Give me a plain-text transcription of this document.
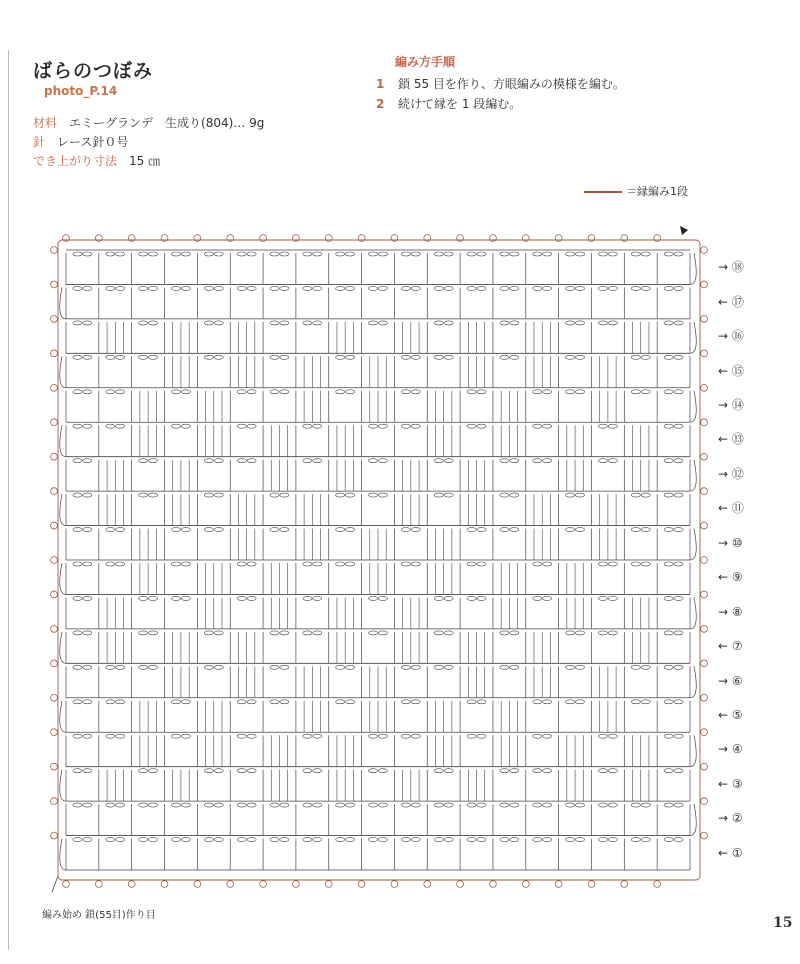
ばらのつぼみ
photo_P.14
材料 エミーグランデ　生成り(804)… 9g
針 レース針０号
でき上がり寸法 15 ㎝
編み方手順
1 鎖 55 目を作り、方眼編みの模様を編む。
2 続けて縁を 1 段編む。
＝縁編み1段
→ ⑱
← ⑰
→ ⑯
← ⑮
→ ⑭
← ⑬
→ ⑫
← ⑪
→ ⑩
← ⑨
→ ⑧
← ⑦
→ ⑥
← ⑤
→ ④
← ③
→ ②
← ①
編み始め 鎖(55目)作り目	15
